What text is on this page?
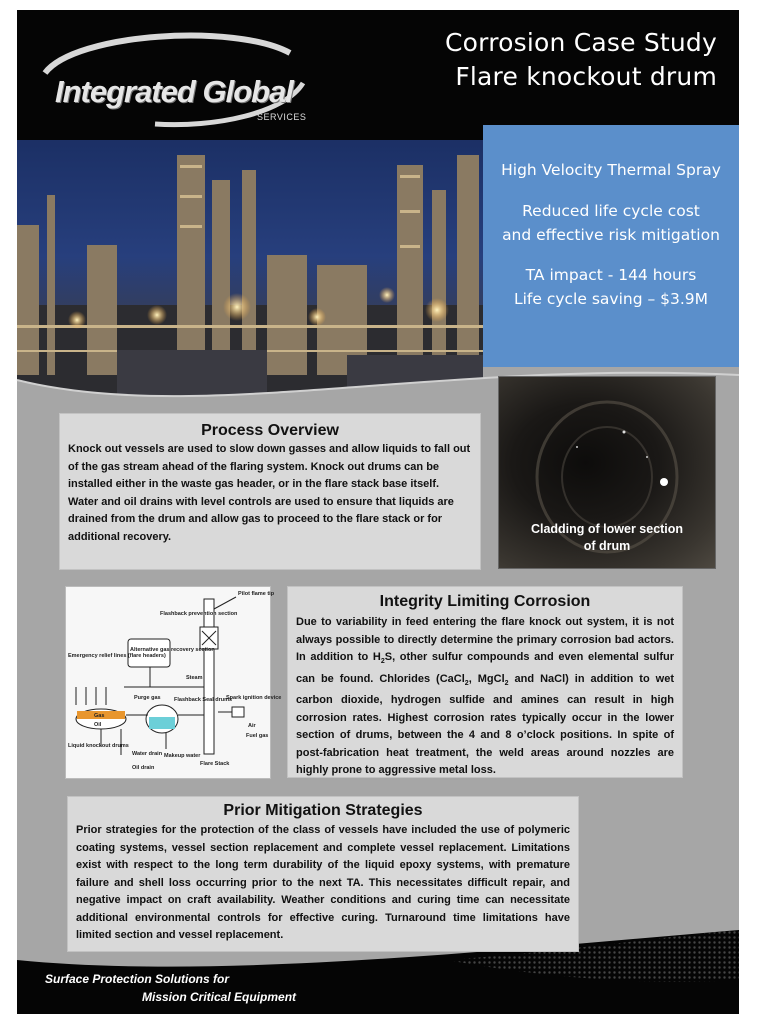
Integrated Global
SERVICES
Corrosion Case Study
Flare knockout drum

High Velocity Thermal Spray

Reduced life cycle cost

and effective risk mitigation

TA impact - 144 hours

Life cycle saving – $3.9M

Process Overview

Knock out vessels are used to slow down gasses and allow liquids to fall out of the gas stream ahead of the flaring system. Knock out drums can be installed either in the waste gas header, or in the flare stack base itself. Water and oil drains with level controls are used to ensure that liquids are drained from the drum and allow gas to proceed to the flare stack or for additional recovery.

Cladding of lower section
of drum
Pilot flame tip
Flashback prevention section
Emergency relief lines (flare headers)
Alternative gas recovery section
Steam
Purge gas Flashback Seal drums
Spark ignition device
Air
Fuel gas
Gas
Oil
Liquid knockout drums
Water drain
Oil drain
Makeup water
Flare Stack
Integrity Limiting Corrosion

Due to variability in feed entering the flare knock out system, it is not always possible to directly determine the primary corrosion bad actors. In addition to $H_2S$, other sulfur compounds and even elemental sulfur can be found. Chlorides (CaCl$_2$, MgCl$_2$ and NaCl) in addition to wet carbon dioxide, hydrogen sulfide and amines can result in high corrosion rates. Highest corrosion rates typically occur in the lower section of drums, between the 4 and 8 o’clock positions. In spite of post-fabrication heat treatment, the weld areas around nozzles are highly prone to aggressive metal loss.

Prior Mitigation Strategies

Prior strategies for the protection of the class of vessels have included the use of polymeric coating systems, vessel section replacement and complete vessel replacement. Limitations exist with respect to the long term durability of the liquid epoxy systems, with premature failure and shell loss occurring prior to the next TA. This necessitates difficult repair, and negative impact on craft availability. Weather conditions and curing time can necessitate additional environmental controls for effective curing. Turnaround time limitations have limited section and vessel replacement.

Surface Protection Solutions for
Mission Critical Equipment
